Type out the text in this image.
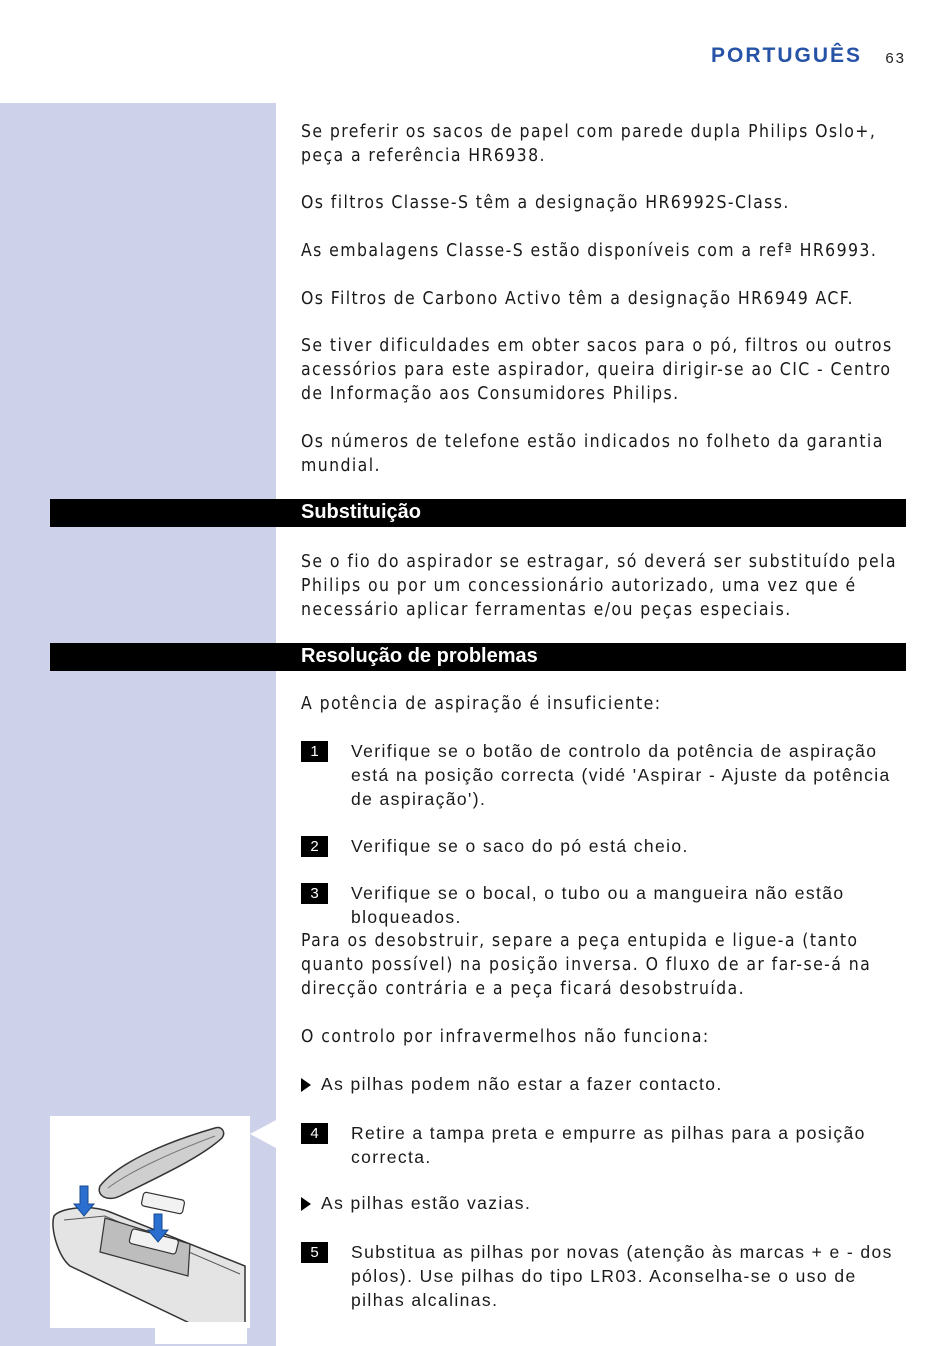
PORTUGUÊS 63
Se preferir os sacos de papel com parede dupla Philips Oslo+, peça a referência HR6938.
Os filtros Classe-S têm a designação HR6992S-Class.
As embalagens Classe-S estão disponíveis com a refª HR6993.
Os Filtros de Carbono Activo têm a designação HR6949 ACF.
Se tiver dificuldades em obter sacos para o pó, filtros ou outros acessórios para este aspirador, queira dirigir-se ao CIC - Centro de Informação aos Consumidores Philips.
Os números de telefone estão indicados no folheto da garantia mundial.
Substituição
Se o fio do aspirador se estragar, só deverá ser substituído pela Philips ou por um concessionário autorizado, uma vez que é necessário aplicar ferramentas e/ou peças especiais.
Resolução de problemas
A potência de aspiração é insuficiente:
1	Verifique se o botão de controlo da potência de aspiração está na posição correcta (vidé 'Aspirar - Ajuste da potência de aspiração').
2	Verifique se o saco do pó está cheio.
3	Verifique se o bocal, o tubo ou a mangueira não estão bloqueados.
Para os desobstruir, separe a peça entupida e ligue-a (tanto quanto possível) na posição inversa. O fluxo de ar far-se-á na direcção contrária e a peça ficará desobstruída.
O controlo por infravermelhos não funciona:
As pilhas podem não estar a fazer contacto.
4	Retire a tampa preta e empurre as pilhas para a posição correcta.
As pilhas estão vazias.
5	Substitua as pilhas por novas (atenção às marcas + e - dos pólos). Use pilhas do tipo LR03. Aconselha-se o uso de pilhas alcalinas.
